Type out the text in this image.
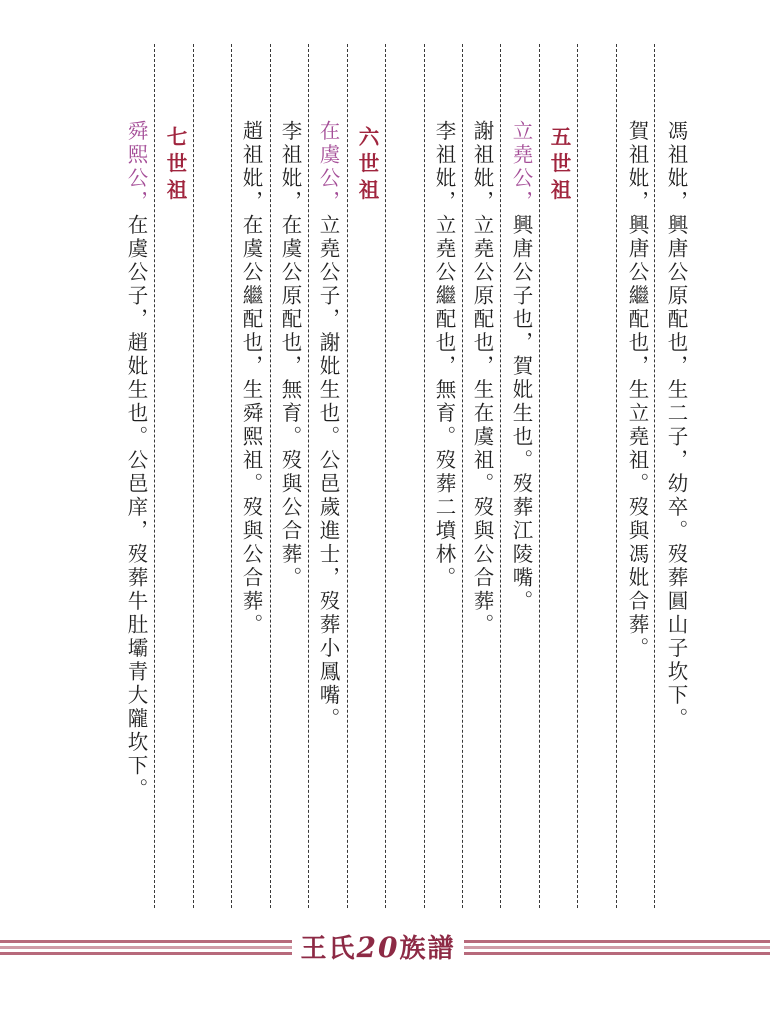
馮祖妣，興唐公原配也，生二子，幼卒。歿葬圓山子坎下。
賀祖妣，興唐公繼配也，生立堯祖。歿與馮妣合葬。
五世祖
立堯公，興唐公子也，賀妣生也。歿葬江陵嘴。
謝祖妣，立堯公原配也，生在虞祖。歿與公合葬。
李祖妣，立堯公繼配也，無育。歿葬二墳林。
六世祖
在虞公，立堯公子，謝妣生也。公邑歲進士，歿葬小鳳嘴。
李祖妣，在虞公原配也，無育。歿與公合葬。
趙祖妣，在虞公繼配也，生舜熙祖。歿與公合葬。
七世祖
舜熙公，在虞公子，趙妣生也。公邑庠，歿葬牛肚壩青大隴坎下。
王氏20族譜
